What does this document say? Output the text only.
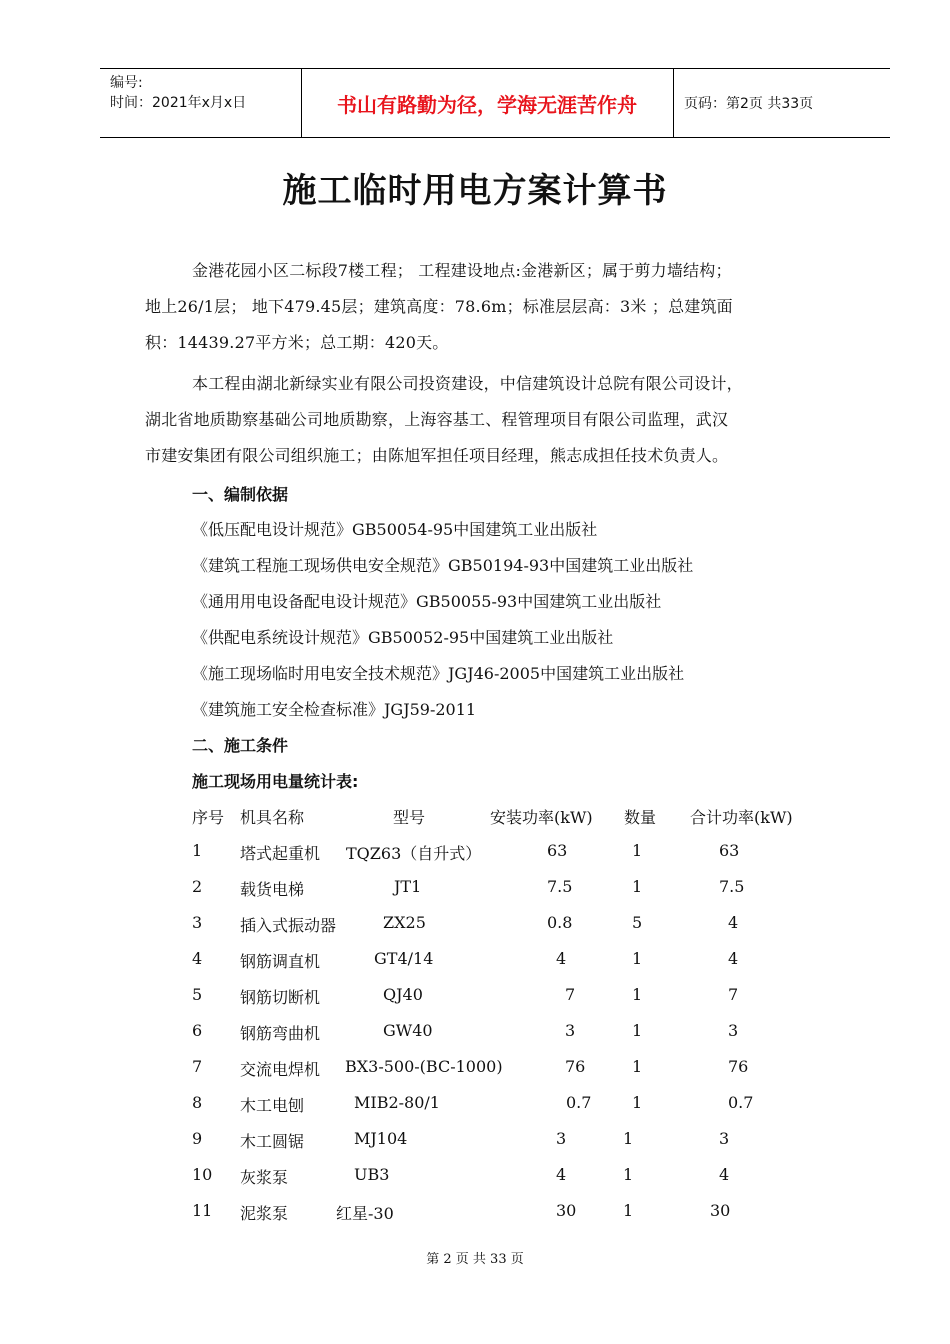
编号:
时间：2021年x月x日	书山有路勤为径，学海无涯苦作舟	页码：第2页 共33页
施工临时用电方案计算书
金港花园小区二标段7楼工程； 工程建设地点:金港新区；属于剪力墙结构；
地上26/1层； 地下479.45层；建筑高度：78.6m；标准层层高：3米 ；总建筑面
积：14439.27平方米；总工期：420天。
本工程由湖北新绿实业有限公司投资建设，中信建筑设计总院有限公司设计，
湖北省地质勘察基础公司地质勘察，上海容基工、程管理项目有限公司监理，武汉
市建安集团有限公司组织施工；由陈旭军担任项目经理，熊志成担任技术负责人。
一、编制依据
《低压配电设计规范》GB50054-95中国建筑工业出版社
《建筑工程施工现场供电安全规范》GB50194-93中国建筑工业出版社
《通用用电设备配电设计规范》GB50055-93中国建筑工业出版社
《供配电系统设计规范》GB50052-95中国建筑工业出版社
《施工现场临时用电安全技术规范》JGJ46-2005中国建筑工业出版社
《建筑施工安全检查标准》JGJ59-2011
二、施工条件
施工现场用电量统计表:
序号 机具名称	型号	安装功率(kW) 数量 合计功率(kW)
1 塔式起重机 TQZ63（自升式）	63	1	63
2 载货电梯	JT1	7.5	1	7.5
3 插入式振动器	ZX25	0.8	5	4
4 钢筋调直机	GT4/14	4	1	4
5 钢筋切断机	QJ40	7	1	7
6 钢筋弯曲机	GW40	3	1	3
7 交流电焊机 BX3-500-(BC-1000)	76	1	76
8 木工电刨	MIB2-80/1	0.7	1	0.7
9 木工圆锯	MJ104	3	1	3
10 灰浆泵	UB3	4	1	4
11 泥浆泵	红星-30	30	1	30
第 2 页 共 33 页
